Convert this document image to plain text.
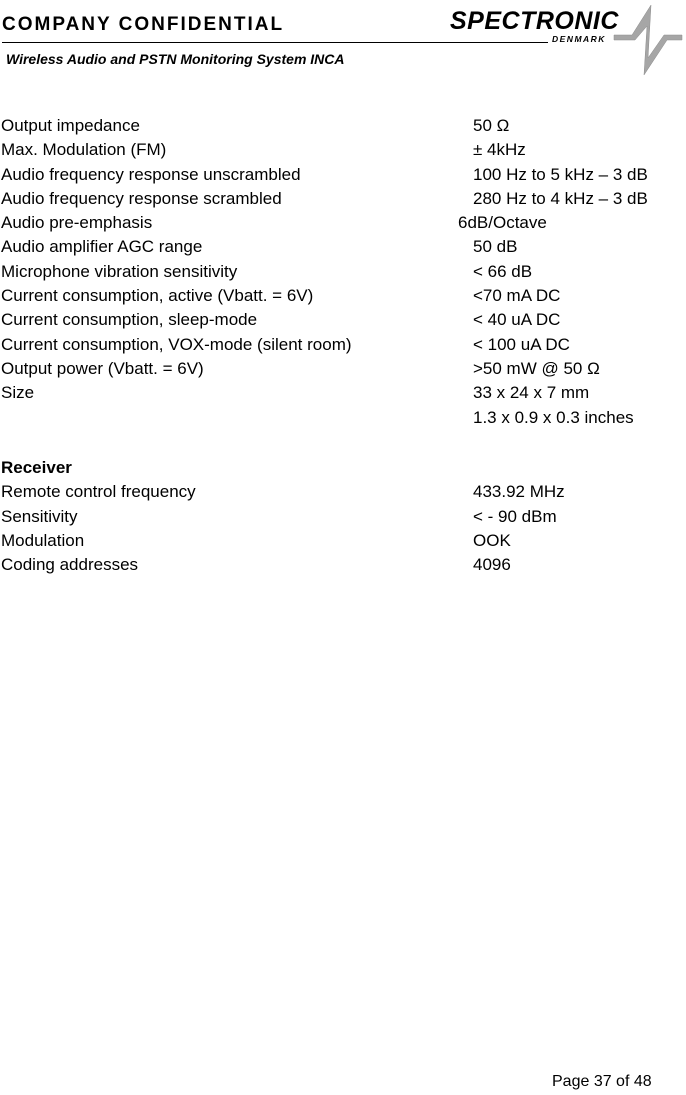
COMPANY CONFIDENTIAL
Wireless Audio and PSTN Monitoring System INCA
SPECTRONIC
DENMARK
Output impedance	50 Ω
Max. Modulation (FM)	± 4kHz
Audio frequency response unscrambled	100 Hz to 5 kHz – 3 dB
Audio frequency response scrambled	280 Hz to 4 kHz – 3 dB
Audio pre-emphasis	6dB/Octave
Audio amplifier AGC range	50 dB
Microphone vibration sensitivity	< 66 dB
Current consumption, active (Vbatt. = 6V)	<70 mA DC
Current consumption, sleep-mode	< 40 uA DC
Current consumption, VOX-mode (silent room)	< 100 uA DC
Output power (Vbatt. = 6V)	>50 mW @ 50 Ω
Size	33 x 24 x 7 mm
1.3 x 0.9 x 0.3 inches
Receiver
Remote control frequency	433.92 MHz
Sensitivity	< - 90 dBm
Modulation	OOK
Coding addresses	4096
Page 37 of 48
